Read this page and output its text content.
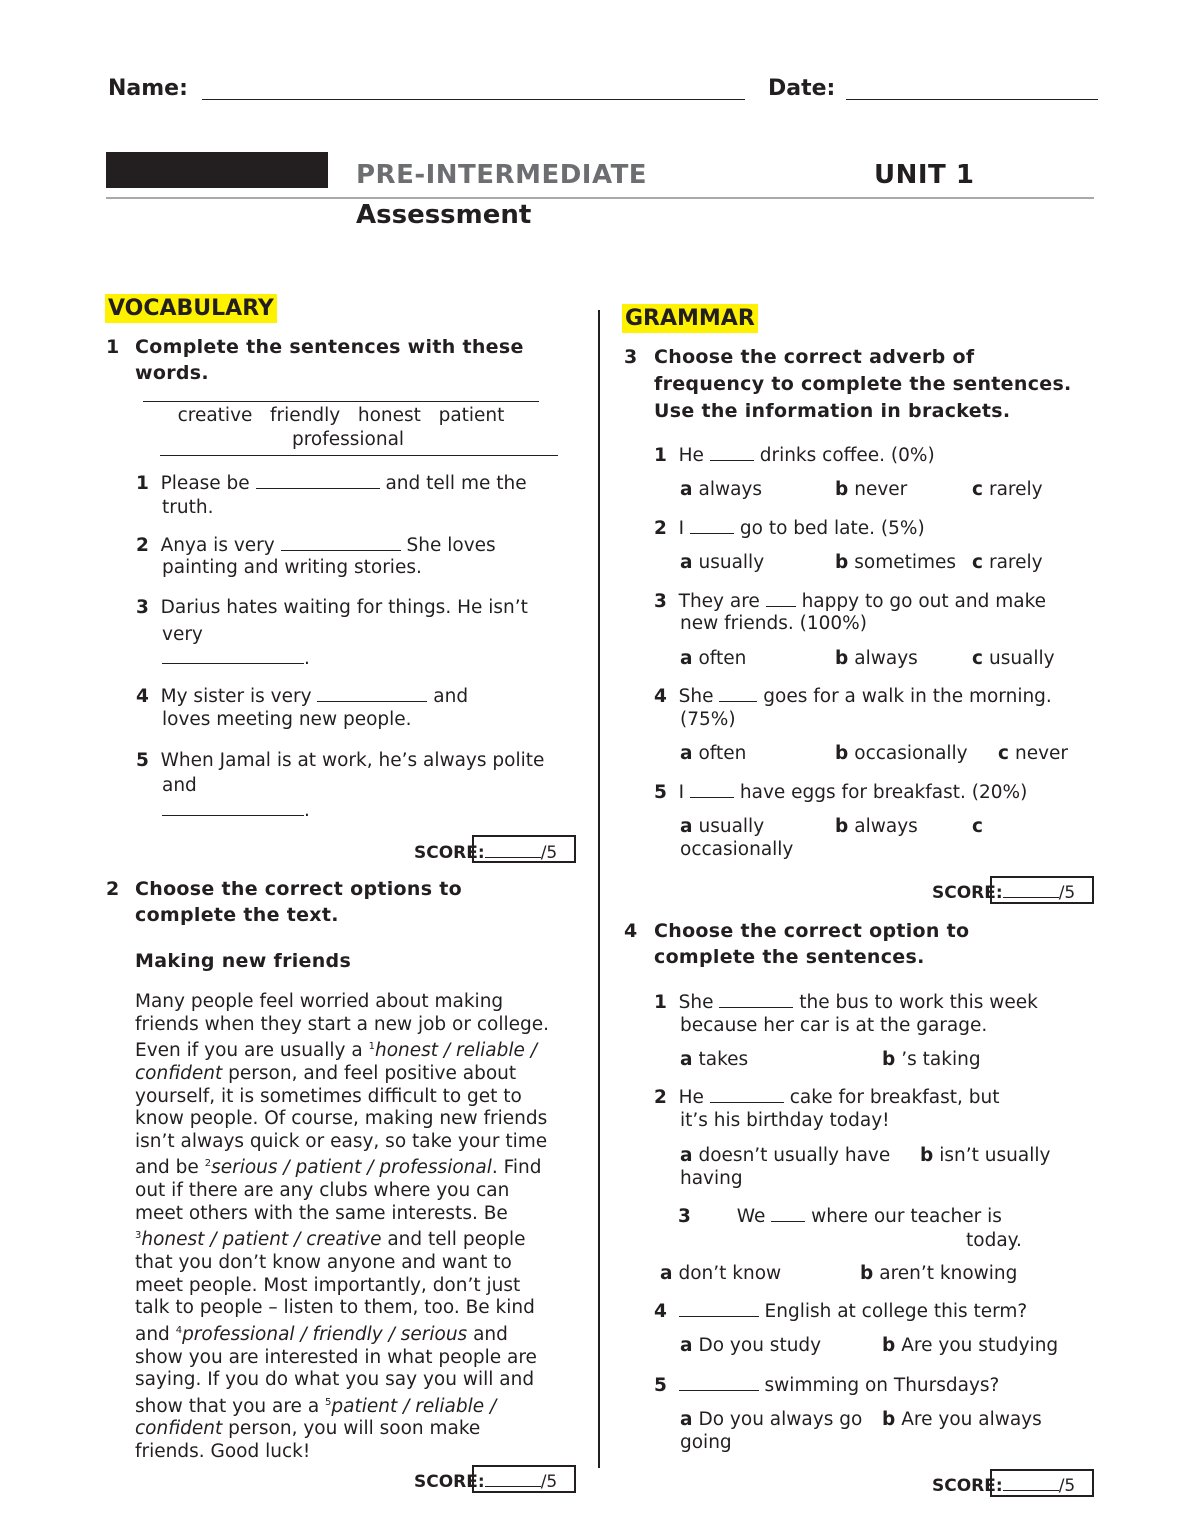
Name:	Date:
PRE-INTERMEDIATE	UNIT 1
Assessment
VOCABULARY
1 Complete the sentences with these words.
creative   friendly   honest   patient
professional
1 Please be	and tell me the
truth.
2 Anya is very	She loves
painting and writing stories.
3 Darius hates waiting for things. He isn’t
very
.
4 My sister is very	and
loves meeting new people.
5 When Jamal is at work, he’s always polite
and
.
SCORE:	/5
2 Choose the correct options to complete the text.
Making new friends
Many people feel worried about making
friends when they start a new job or college.
Even if you are usually a $^1$honest / reliable /
confident person, and feel positive about
yourself, it is sometimes difficult to get to
know people. Of course, making new friends
isn’t always quick or easy, so take your time
and be $^2$serious / patient / professional. Find
out if there are any clubs where you can
meet others with the same interests. Be
$^3$honest / patient / creative and tell people
that you don’t know anyone and want to
meet people. Most importantly, don’t just
talk to people – listen to them, too. Be kind
and $^4$professional / friendly / serious and
show you are interested in what people are
saying. If you do what you say you will and
show that you are a $^5$patient / reliable /
confident person, you will soon make
friends. Good luck!
SCORE:	/5
GRAMMAR
3 Choose the correct adverb of
frequency to complete the sentences.
Use the information in brackets.
1 He	drinks coffee. (0%)
a always	b never	c rarely
2 I	go to bed late. (5%)
a usually	b sometimes c rarely
3 They are happy to go out and make
new friends. (100%)
a often	b always	c usually
4 She	goes for a walk in the morning.
(75%)
a often	b occasionally c never
5 I	have eggs for breakfast. (20%)
a usually	b always	c
occasionally
SCORE:	/5
4 Choose the correct option to
complete the sentences.
1 She	the bus to work this week
because her car is at the garage.
a takes	b ’s taking
2 He	cake for breakfast, but
it’s his birthday today!
a doesn’t usually have b isn’t usually
having
3 We where our teacher is
today.
a don’t know	b aren’t knowing
4	English at college this term?
a Do you study	b Are you studying
5	swimming on Thursdays?
a Do you always go b Are you always
going
SCORE:	/5
